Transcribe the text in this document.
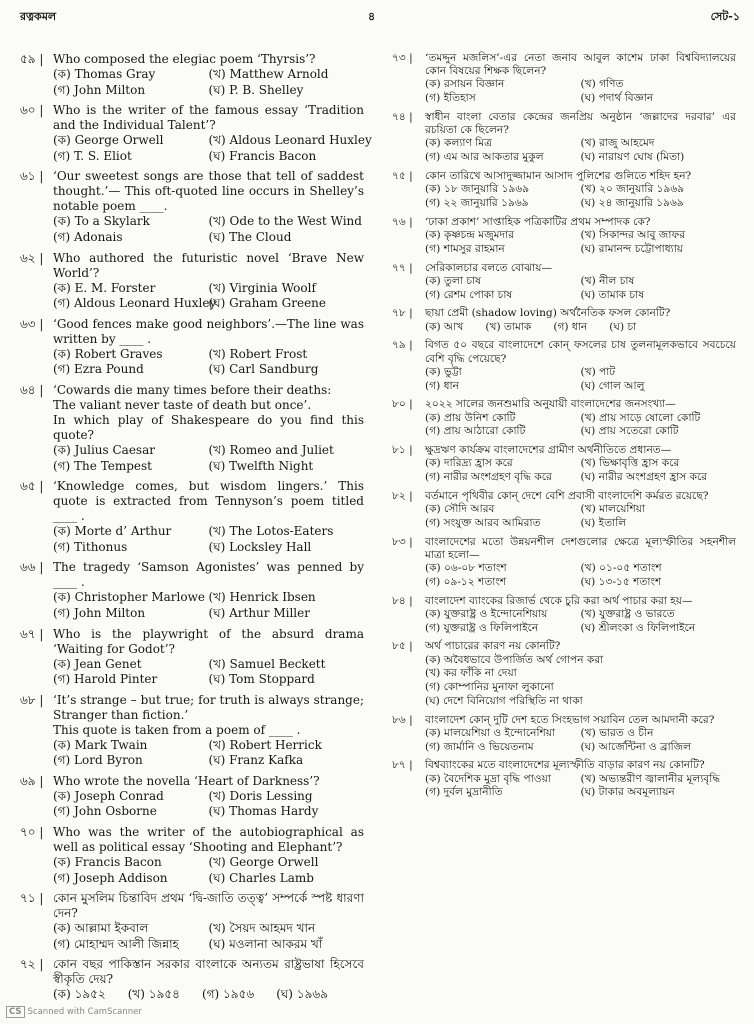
রত্নকমল	৪	সেট-১
৫৯ |	Who composed the elegiac poem ‘Thyrsis’?
(ক) Thomas Gray	(খ) Matthew Arnold
(গ) John Milton	(ঘ) P. B. Shelley
৬০ |	Who is the writer of the famous essay ‘Tradition and the Individual Talent’?
(ক) George Orwell	(খ) Aldous Leonard Huxley
(গ) T. S. Eliot	(ঘ) Francis Bacon
৬১ |	‘Our sweetest songs are those that tell of saddest thought.’— This oft-quoted line occurs in Shelley’s notable poem ____.
(ক) To a Skylark	(খ) Ode to the West Wind
(গ) Adonais	(ঘ) The Cloud
৬২ |	Who authored the futuristic novel ‘Brave New World’?
(ক) E. M. Forster	(খ) Virginia Woolf
(গ) Aldous Leonard Huxley
(ঘ) Graham Greene
৬৩ |	‘Good fences make good neighbors’.—The line was written by ____ .
(ক) Robert Graves	(খ) Robert Frost
(গ) Ezra Pound	(ঘ) Carl Sandburg
৬৪ |	‘Cowards die many times before their deaths:
The valiant never taste of death but once’.
In which play of Shakespeare do you find this quote?
(ক) Julius Caesar	(খ) Romeo and Juliet
(গ) The Tempest	(ঘ) Twelfth Night
৬৫ |	‘Knowledge comes, but wisdom lingers.’ This quote is extracted from Tennyson’s poem titled ____ .
(ক) Morte d’ Arthur	(খ) The Lotos-Eaters
(গ) Tithonus	(ঘ) Locksley Hall
৬৬ |	The tragedy ‘Samson Agonistes’ was penned by ____ .
(ক) Christopher Marlowe (খ) Henrick Ibsen
(গ) John Milton	(ঘ) Arthur Miller
৬৭ |	Who is the playwright of the absurd drama ‘Waiting for Godot’?
(ক) Jean Genet	(খ) Samuel Beckett
(গ) Harold Pinter	(ঘ) Tom Stoppard
৬৮ |	‘It’s strange – but true; for truth is always strange; Stranger than fiction.’
This quote is taken from a poem of ____ .
(ক) Mark Twain	(খ) Robert Herrick
(গ) Lord Byron	(ঘ) Franz Kafka
৬৯ |	Who wrote the novella ‘Heart of Darkness’?
(ক) Joseph Conrad	(খ) Doris Lessing
(গ) John Osborne	(ঘ) Thomas Hardy
৭০ |	Who was the writer of the autobiographical as well as political essay ‘Shooting and Elephant’?
(ক) Francis Bacon	(খ) George Orwell
(গ) Joseph Addison	(ঘ) Charles Lamb
৭১ |	কোন মুসলিম চিন্তাবিদ প্রথম ‘দ্বি-জাতি তত্ত্ব’ সম্পর্কে স্পষ্ট ধারণা দেন?
(ক) আল্লামা ইকবাল	(খ) সৈয়দ আহমদ খান
(গ) মোহাম্মদ আলী জিন্নাহ	(ঘ) মওলানা আকরম খাঁ
৭২ |	কোন বছর পাকিস্তান সরকার বাংলাকে অন্যতম রাষ্ট্রভাষা হিসেবে স্বীকৃতি দেয়?
(ক) ১৯৫২ (খ) ১৯৫৪ (গ) ১৯৫৬ (ঘ) ১৯৬৯
৭৩ |	‘তমদ্দুন মজলিস’-এর নেতা জনাব আবুল কাশেম ঢাকা বিশ্ববিদ্যালয়ের কোন বিষয়ের শিক্ষক ছিলেন?
(ক) রসায়ন বিজ্ঞান	(খ) গণিত
(গ) ইতিহাস	(ঘ) পদার্থ বিজ্ঞান
৭৪ |	স্বাধীন বাংলা বেতার কেন্দ্রের জনপ্রিয় অনুষ্ঠান ‘জল্লাদের দরবার’ এর রচয়িতা কে ছিলেন?
(ক) কল্যাণ মিত্র	(খ) রাজু আহমেদ
(গ) এম আর আকতার মুকুল	(ঘ) নারায়ণ ঘোষ (মিতা)
৭৫ |	কোন তারিখে আসাদুজ্জামান আসাদ পুলিশের গুলিতে শহিদ হন?
(ক) ১৮ জানুয়ারি ১৯৬৯	(খ) ২০ জানুয়ারি ১৯৬৯
(গ) ২২ জানুয়ারি ১৯৬৯	(ঘ) ২৪ জানুয়ারি ১৯৬৯
৭৬ |	‘ঢাকা প্রকাশ’ সাপ্তাহিক পত্রিকাটির প্রথম সম্পাদক কে?
(ক) কৃষ্ণচন্দ্র মজুমদার	(খ) সিকান্দর আবু জাফর
(গ) শামসুর রাহমান	(ঘ) রামানন্দ চট্টোপাধ্যায়
৭৭ |	সেরিকালচার বলতে বোঝায়—
(ক) তুলা চাষ	(খ) নীল চাষ
(গ) রেশম পোকা চাষ	(ঘ) তামাক চাষ
৭৮ |	ছায়া প্রেমী (shadow loving) অর্থনৈতিক ফসল কোনটি?
(ক) আখ (খ) তামাক (গ) ধান (ঘ) চা
৭৯ |	বিগত ৫০ বছরে বাংলাদেশে কোন্ ফসলের চাষ তুলনামূলকভাবে সবচেয়ে বেশি বৃদ্ধি পেয়েছে?
(ক) ভুট্টা	(খ) পাট
(গ) ধান	(ঘ) গোল আলু
৮০ |	২০২২ সালের জনশুমারি অনুযায়ী বাংলাদেশের জনসংখ্যা—
(ক) প্রায় উনিশ কোটি	(খ) প্রায় সাড়ে ষোলো কোটি
(গ) প্রায় আঠারো কোটি	(ঘ) প্রায় সতেরো কোটি
৮১ |	ক্ষুদ্রঋণ কার্যক্রম বাংলাদেশের গ্রামীণ অর্থনীতিতে প্রধানত—
(ক) দারিদ্র্য হ্রাস করে	(খ) ভিক্ষাবৃত্তি হ্রাস করে
(গ) নারীর অংশগ্রহণ বৃদ্ধি করে	(ঘ) নারীর অংশগ্রহণ হ্রাস করে
৮২ |	বর্তমানে পৃথিবীর কোন্ দেশে বেশি প্রবাসী বাংলাদেশি কর্মরত রয়েছে?
(ক) সৌদি আরব	(খ) মালয়েশিয়া
(গ) সংযুক্ত আরব আমিরাত	(ঘ) ইতালি
৮৩ |	বাংলাদেশের মতো উন্নয়নশীল দেশগুলোর ক্ষেত্রে মূল্যস্ফীতির সহনশীল মাত্রা হলো—
(ক) ০৬-০৮ শতাংশ	(খ) ০১-০৫ শতাংশ
(গ) ০৯-১২ শতাংশ	(ঘ) ১৩-১৫ শতাংশ
৮৪ |	বাংলাদেশ ব্যাংকের রিজার্ভ থেকে চুরি করা অর্থ পাচার করা হয়—
(ক) যুক্তরাষ্ট্র ও ইন্দোনেশিয়ায়	(খ) যুক্তরাষ্ট্র ও ভারতে
(গ) যুক্তরাষ্ট্র ও ফিলিপাইনে	(ঘ) শ্রীলংকা ও ফিলিপাইনে
৮৫ |	অর্থ পাচারের কারণ নয় কোনটি?
(ক) অবৈধভাবে উপার্জিত অর্থ গোপন করা
(খ) কর ফাঁকি না দেয়া
(গ) কোম্পানির মুনাফা লুকানো
(ঘ) দেশে বিনিয়োগ পরিস্থিতি না থাকা
৮৬ |	বাংলাদেশ কোন্ দুটি দেশ হতে সিংহভাগ সয়াবিন তেল আমদানী করে?
(ক) মালয়েশিয়া ও ইন্দোনেশিয়া	(খ) ভারত ও চীন
(গ) জার্মানি ও ভিয়েতনাম	(ঘ) আর্জেন্টিনা ও ব্রাজিল
৮৭ |	বিশ্বব্যাংকের মতে বাংলাদেশের মূল্যস্ফীতি বাড়ার কারণ নয় কোনটি?
(ক) বৈদেশিক মুদ্রা বৃদ্ধি পাওয়া	(খ) অভ্যন্তরীণ জ্বালানীর মূল্যবৃদ্ধি
(গ) দুর্বল মুদ্রানীতি	(ঘ) টাকার অবমূল্যায়ন
CS Scanned with CamScanner
